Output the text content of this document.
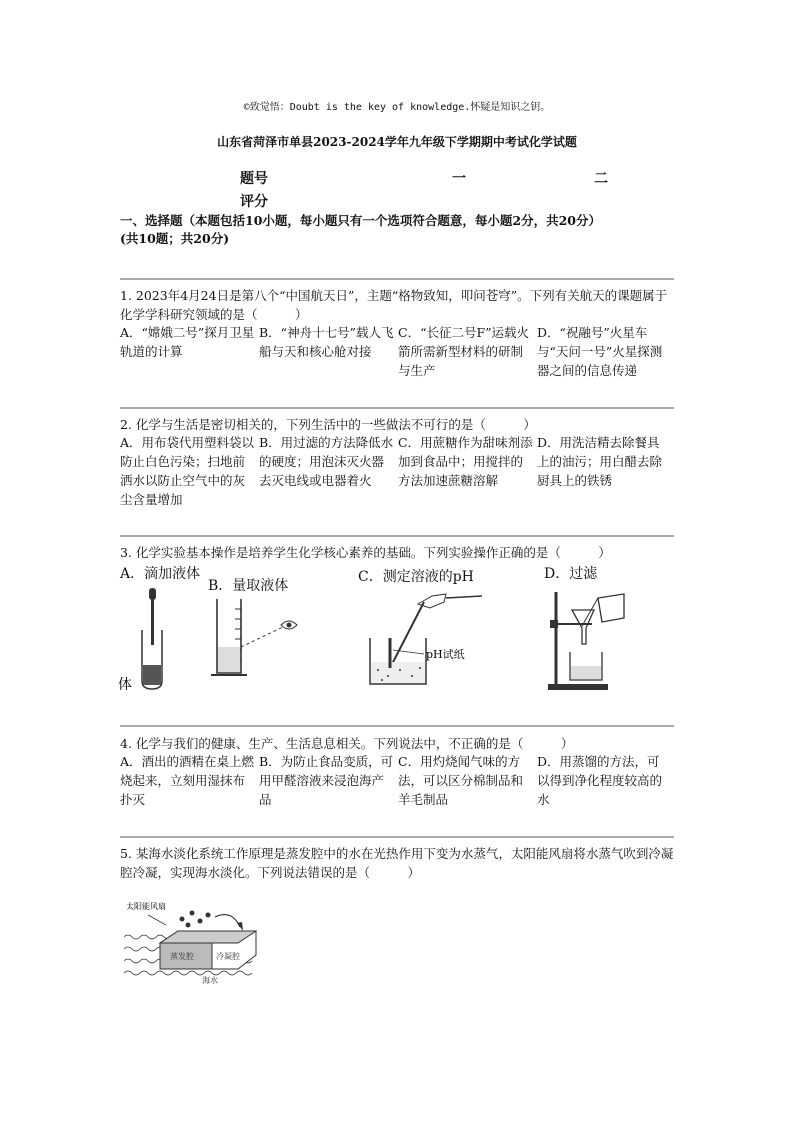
©致觉悟：Doubt is the key of knowledge.怀疑是知识之钥。
山东省菏泽市单县2023-2024学年九年级下学期期中考试化学试题
题号	一	二
评分
一、选择题（本题包括10小题，每小题只有一个选项符合题意，每小题2分，共20分）
(共10题；共20分)
1. 2023年4月24日是第八个“中国航天日”，主题“格物致知，叩问苍穹”。下列有关航天的课题属于化学学科研究领域的是（　　　）
A．“嫦娥二号”探月卫星轨道的计算
B．“神舟十七号”载人飞船与天和核心舱对接
C．“长征二号F”运载火箭所需新型材料的研制与生产
D．“祝融号”火星车与“天问一号”火星探测器之间的信息传递
2. 化学与生活是密切相关的，下列生活中的一些做法不可行的是（　　　）
A．用布袋代用塑料袋以防止白色污染；扫地前洒水以防止空气中的灰尘含量增加
B．用过滤的方法降低水的硬度；用泡沫灭火器去灭电线或电器着火
C．用蔗糖作为甜味剂添加到食品中；用搅拌的方法加速蔗糖溶解
D．用洗洁精去除餐具上的油污；用白醋去除厨具上的铁锈
3. 化学实验基本操作是培养学生化学核心素养的基础。下列实验操作正确的是（　　　）
A．滴加液体
B．量取液体
C．测定溶液的pH	D．过滤
体
pH试纸
4. 化学与我们的健康、生产、生活息息相关。下列说法中，不正确的是（　　　）
A．酒出的酒精在桌上燃烧起来，立刻用湿抹布扑灭
B．为防止食品变质，可用甲醛溶液来浸泡海产品
C．用灼烧闻气味的方法，可以区分棉制品和羊毛制品
D．用蒸馏的方法，可以得到净化程度较高的水
5. 某海水淡化系统工作原理是蒸发腔中的水在光热作用下变为水蒸气，太阳能风扇将水蒸气吹到冷凝腔冷凝，实现海水淡化。下列说法错误的是（　　　）
太阳能风扇
蒸发腔	冷凝腔
海水
